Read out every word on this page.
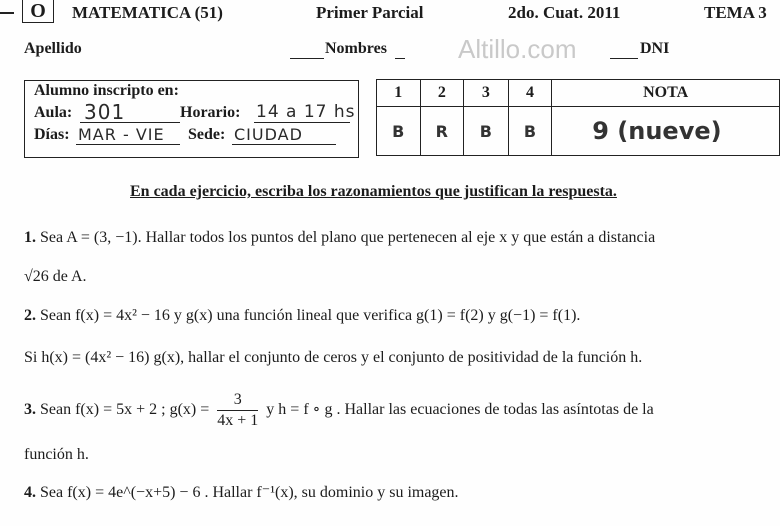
O	MATEMATICA (51)	Primer Parcial	2do. Cuat. 2011	TEMA 3
Apellido	Nombres	Altillo.com	DNI
Alumno inscripto en:
Aula: 301	Horario: 14 a 17 hs
Días: MAR - VIE Sede: CIUDAD
1	2	3	4	NOTA
B	R	B	B	9 (nueve)
En cada ejercicio, escriba los razonamientos que justifican la respuesta.
1. Sea A = (3, −1). Hallar todos los puntos del plano que pertenecen al eje x y que están a distancia
√26 de A.
2. Sean f(x) = 4x² − 16 y g(x) una función lineal que verifica g(1) = f(2) y g(−1) = f(1).
Si h(x) = (4x² − 16) g(x), hallar el conjunto de ceros y el conjunto de positividad de la función h.
3. Sean f(x) = 5x + 2 ; $g(x) = \frac{3}{4x + 1}$ y h = f ∘ g . Hallar las ecuaciones de todas las asíntotas de la
función h.
4. Sea f(x) = 4e^(−x+5) − 6 . Hallar f⁻¹(x), su dominio y su imagen.
